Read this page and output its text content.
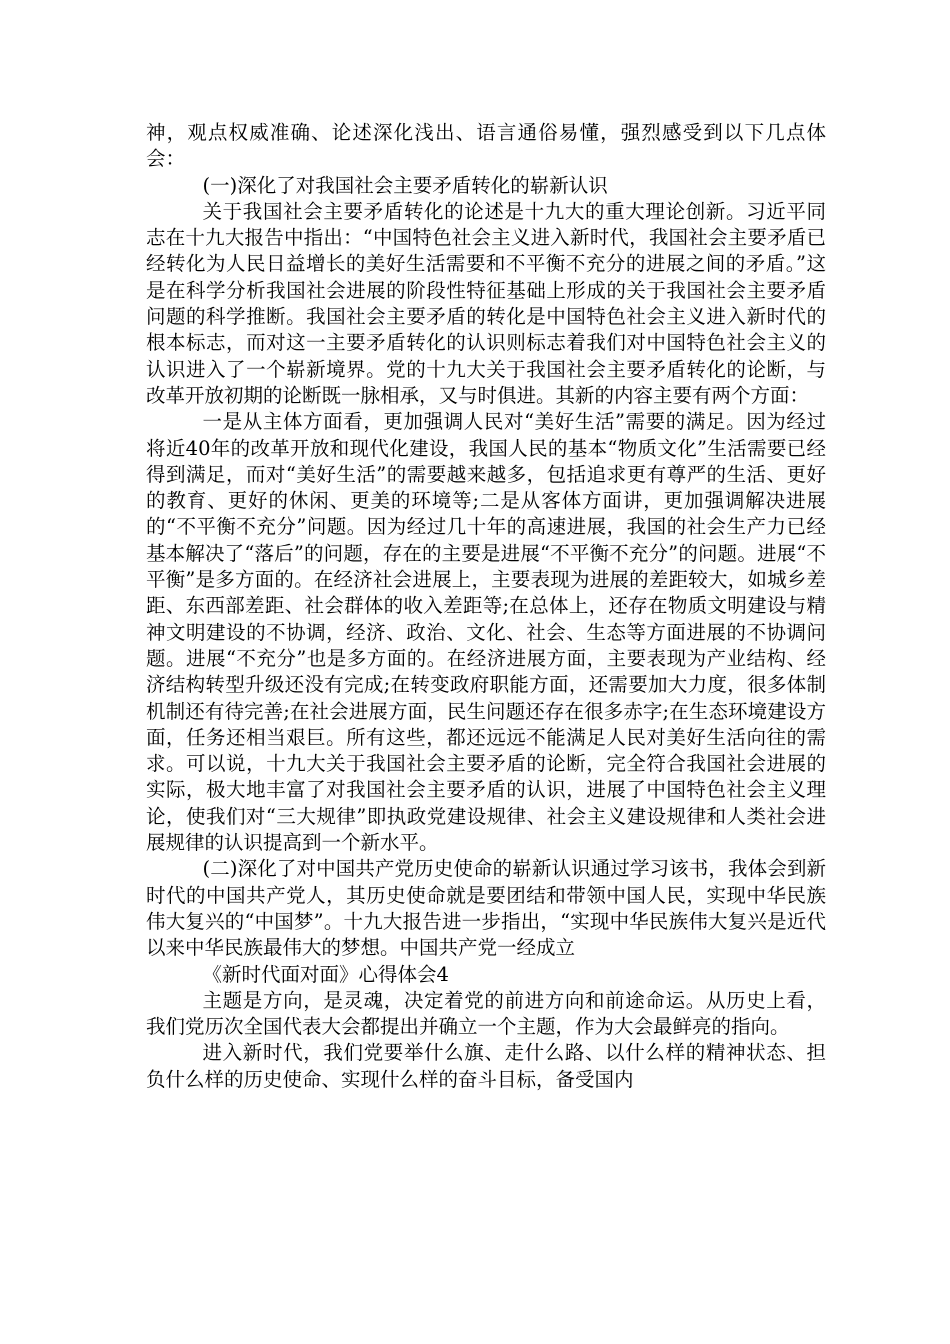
神，观点权威准确、论述深化浅出、语言通俗易懂，强烈感受到以下几点体会：

(一)深化了对我国社会主要矛盾转化的崭新认识

关于我国社会主要矛盾转化的论述是十九大的重大理论创新。习近平同志在十九大报告中指出：“中国特色社会主义进入新时代，我国社会主要矛盾已经转化为人民日益增长的美好生活需要和不平衡不充分的进展之间的矛盾。”这是在科学分析我国社会进展的阶段性特征基础上形成的关于我国社会主要矛盾问题的科学推断。我国社会主要矛盾的转化是中国特色社会主义进入新时代的根本标志，而对这一主要矛盾转化的认识则标志着我们对中国特色社会主义的认识进入了一个崭新境界。党的十九大关于我国社会主要矛盾转化的论断，与改革开放初期的论断既一脉相承，又与时俱进。其新的内容主要有两个方面：

一是从主体方面看，更加强调人民对“美好生活”需要的满足。因为经过将近40年的改革开放和现代化建设，我国人民的基本“物质文化”生活需要已经得到满足，而对“美好生活”的需要越来越多，包括追求更有尊严的生活、更好的教育、更好的休闲、更美的环境等;二是从客体方面讲，更加强调解决进展的“不平衡不充分”问题。因为经过几十年的高速进展，我国的社会生产力已经基本解决了“落后”的问题，存在的主要是进展“不平衡不充分”的问题。进展“不平衡”是多方面的。在经济社会进展上，主要表现为进展的差距较大，如城乡差距、东西部差距、社会群体的收入差距等;在总体上，还存在物质文明建设与精神文明建设的不协调，经济、政治、文化、社会、生态等方面进展的不协调问题。进展“不充分”也是多方面的。在经济进展方面，主要表现为产业结构、经济结构转型升级还没有完成;在转变政府职能方面，还需要加大力度，很多体制机制还有待完善;在社会进展方面，民生问题还存在很多赤字;在生态环境建设方面，任务还相当艰巨。所有这些，都还远远不能满足人民对美好生活向往的需求。可以说，十九大关于我国社会主要矛盾的论断，完全符合我国社会进展的实际，极大地丰富了对我国社会主要矛盾的认识，进展了中国特色社会主义理论，使我们对“三大规律”即执政党建设规律、社会主义建设规律和人类社会进展规律的认识提高到一个新水平。

(二)深化了对中国共产党历史使命的崭新认识通过学习该书，我体会到新时代的中国共产党人，其历史使命就是要团结和带领中国人民，实现中华民族伟大复兴的“中国梦”。十九大报告进一步指出，“实现中华民族伟大复兴是近代以来中华民族最伟大的梦想。中国共产党一经成立

《新时代面对面》心得体会4

主题是方向，是灵魂，决定着党的前进方向和前途命运。从历史上看，我们党历次全国代表大会都提出并确立一个主题，作为大会最鲜亮的指向。

进入新时代，我们党要举什么旗、走什么路、以什么样的精神状态、担负什么样的历史使命、实现什么样的奋斗目标，备受国内
